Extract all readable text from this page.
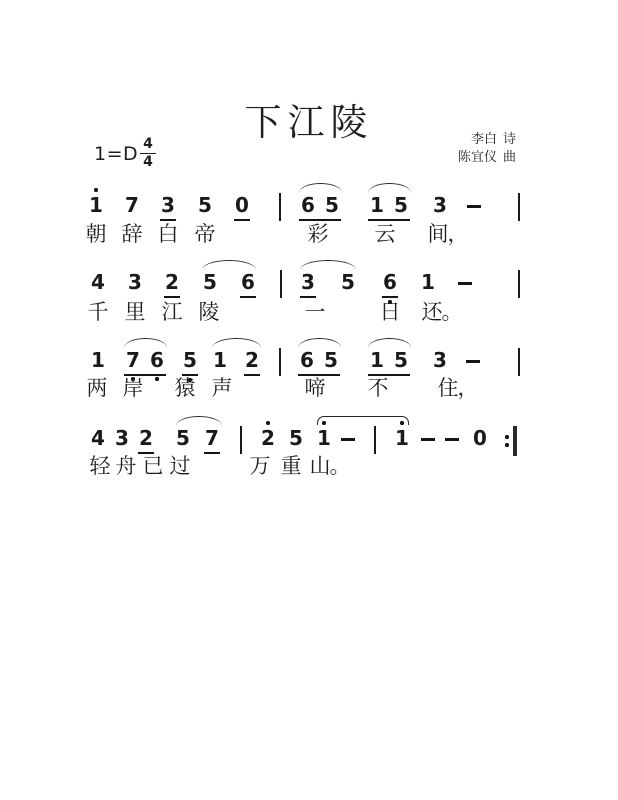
下江陵	李白 诗
陈宜仪 曲
$1=D \frac{4}{4}$
1 7 3 5 0	6 5 1 5 3
朝 辞 白 帝	彩 云 间 ，
4 3 2 5 6 3 5 6 1
千 里 江 陵	一	日 还 。
1 7 6 5 1 2 6 5 1 5 3
两 岸 猿 声	啼 不 住 ，
4 3 2 5 7 2 5 1	1	0
轻 舟 已 过	万 重 山 。
